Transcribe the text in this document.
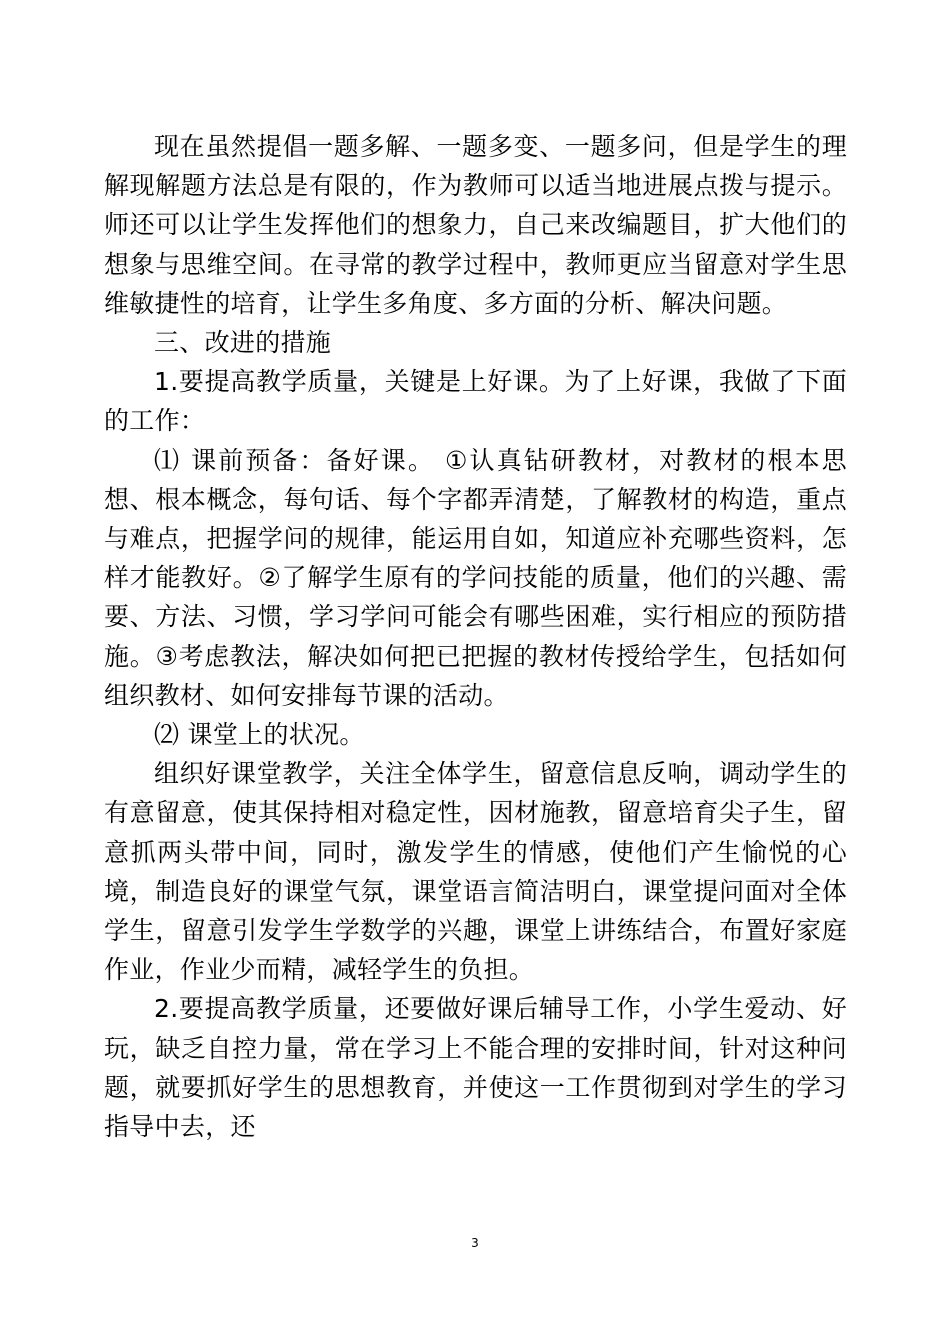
现在虽然提倡一题多解、一题多变、一题多问，但是学生的理解现解题方法总是有限的，作为教师可以适当地进展点拨与提示。师还可以让学生发挥他们的想象力，自己来改编题目，扩大他们的想象与思维空间。在寻常的教学过程中，教师更应当留意对学生思维敏捷性的培育，让学生多角度、多方面的分析、解决问题。

三、改进的措施

1.要提高教学质量，关键是上好课。为了上好课，我做了下面的工作：

⑴ 课前预备：备好课。 ①认真钻研教材，对教材的根本思想、根本概念，每句话、每个字都弄清楚，了解教材的构造，重点与难点，把握学问的规律，能运用自如，知道应补充哪些资料，怎样才能教好。②了解学生原有的学问技能的质量，他们的兴趣、需要、方法、习惯，学习学问可能会有哪些困难，实行相应的预防措施。③考虑教法，解决如何把已把握的教材传授给学生，包括如何组织教材、如何安排每节课的活动。

⑵ 课堂上的状况。

组织好课堂教学，关注全体学生，留意信息反响，调动学生的有意留意，使其保持相对稳定性，因材施教，留意培育尖子生，留意抓两头带中间，同时，激发学生的情感，使他们产生愉悦的心境，制造良好的课堂气氛，课堂语言简洁明白，课堂提问面对全体学生，留意引发学生学数学的兴趣，课堂上讲练结合，布置好家庭作业，作业少而精，减轻学生的负担。

2.要提高教学质量，还要做好课后辅导工作，小学生爱动、好玩，缺乏自控力量，常在学习上不能合理的安排时间，针对这种问题，就要抓好学生的思想教育，并使这一工作贯彻到对学生的学习指导中去，还

3
